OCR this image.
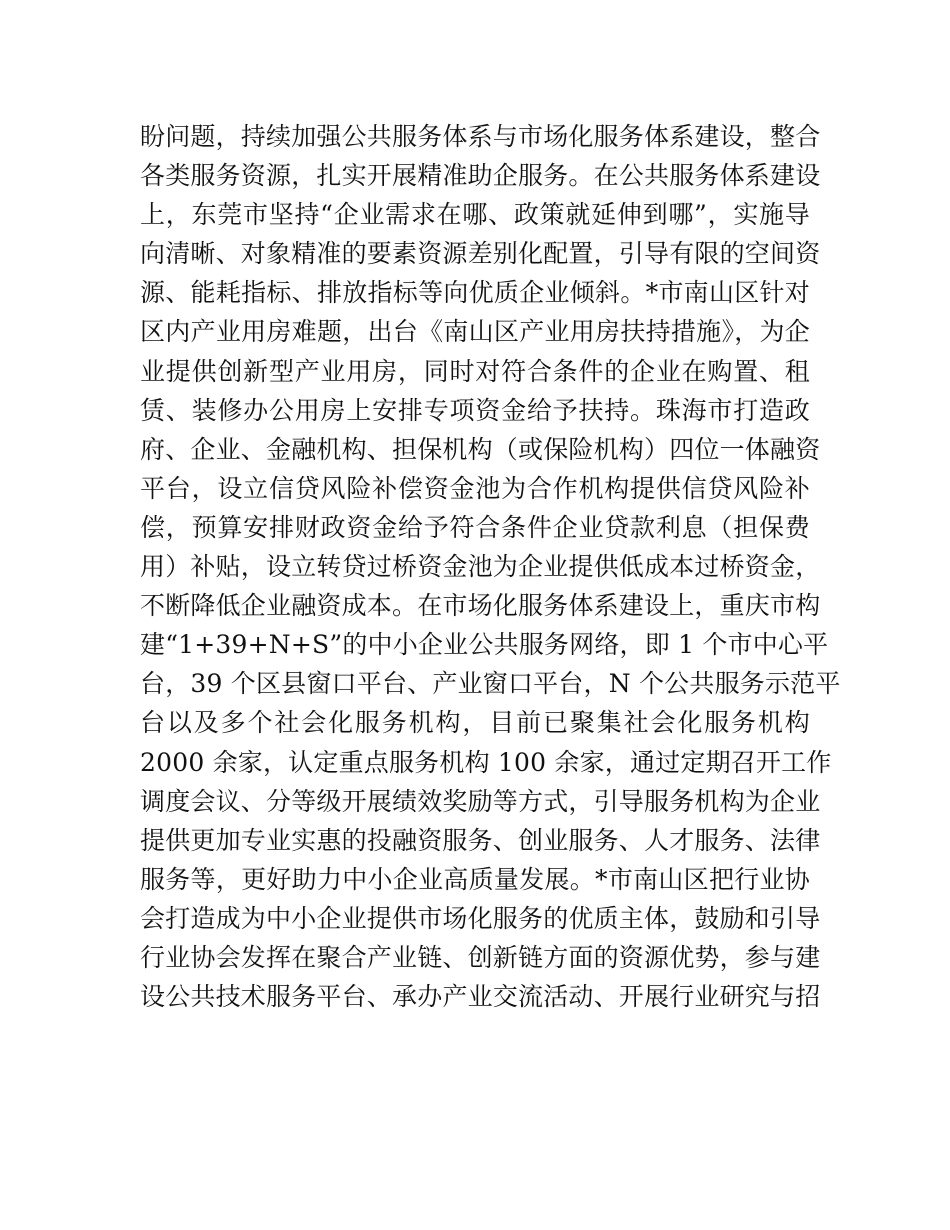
盼问题，持续加强公共服务体系与市场化服务体系建设，整合
各类服务资源，扎实开展精准助企服务。在公共服务体系建设
上，东莞市坚持“企业需求在哪、政策就延伸到哪”，实施导
向清晰、对象精准的要素资源差别化配置，引导有限的空间资
源、能耗指标、排放指标等向优质企业倾斜。*市南山区针对
区内产业用房难题，出台《南山区产业用房扶持措施》，为企
业提供创新型产业用房，同时对符合条件的企业在购置、租
赁、装修办公用房上安排专项资金给予扶持。珠海市打造政
府、企业、金融机构、担保机构（或保险机构）四位一体融资
平台，设立信贷风险补偿资金池为合作机构提供信贷风险补
偿，预算安排财政资金给予符合条件企业贷款利息（担保费
用）补贴，设立转贷过桥资金池为企业提供低成本过桥资金，
不断降低企业融资成本。在市场化服务体系建设上，重庆市构
建“1+39+N+S”的中小企业公共服务网络，即 1 个市中心平
台，39 个区县窗口平台、产业窗口平台，N 个公共服务示范平
台以及多个社会化服务机构，目前已聚集社会化服务机构
2000 余家，认定重点服务机构 100 余家，通过定期召开工作
调度会议、分等级开展绩效奖励等方式，引导服务机构为企业
提供更加专业实惠的投融资服务、创业服务、人才服务、法律
服务等，更好助力中小企业高质量发展。*市南山区把行业协
会打造成为中小企业提供市场化服务的优质主体，鼓励和引导
行业协会发挥在聚合产业链、创新链方面的资源优势，参与建
设公共技术服务平台、承办产业交流活动、开展行业研究与招
